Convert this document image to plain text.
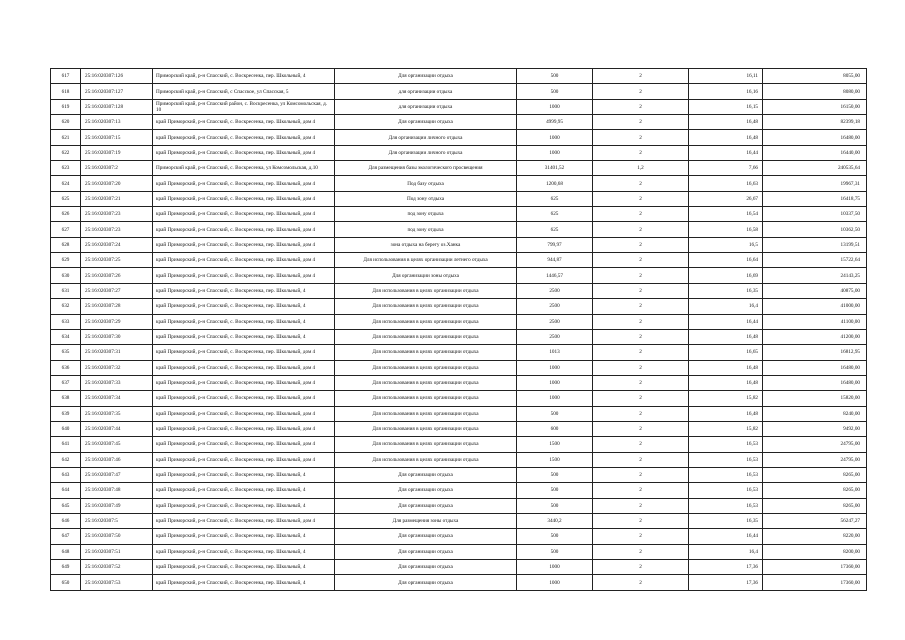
617	25:16:020307:126	Приморский край, р-н Спасский, с. Воскресенка, пер. Школьный, 4	Для организации отдыха	500	2	16,11	8055,00
618	25:16:020307:127	Приморский край, р-н Спасский, с Спасское, ул Спасская, 5	для организации отдыха	500	2	16,16	8080,00
619	25:16:020307:128	Приморский край, р-н Спасский район, с. Воскресенка, ул Комсомольская, д. 10	для организации отдыха	1000	2	16,15	16150,00
620	25:16:020307:13	край Приморский, р-н Спасский, с. Воскресенка, пер. Школьный, дом 4	Для организации отдыха	4999,95	2	16,48	82399,18
621	25:16:020307:15	край Приморский, р-н Спасский, с. Воскресенка, пер. Школьный, дом 4	Для организации личного отдыха	1000	2	16,48	16480,00
622	25:16:020307:19	край Приморский, р-н Спасский, с. Воскресенка, пер. Школьный, дом 4	Для организации личного отдыха	1000	2	16,44	16440,00
623	25:16:020307:2	Приморский край, р-н Спасский, с. Воскресенка, ул Комсомольская, д.10	Для размещения базы экологического просвещения	31401,52	1,2	7,66	240535,64
624	25:16:020307:20	край Приморский, р-н Спасский, с. Воскресенка, пер. Школьный, дом 4	Под базу отдыха	1200,68	2	16,63	19967,31
625	25:16:020307:21	край Приморский, р-н Спасский, с. Воскресенка, пер. Школьный, дом 4	Под зону отдыха	625	2	26,67	16418,75
626	25:16:020307:23	край Приморский, р-н Спасский, с. Воскресенка, пер. Школьный, дом 4	под зону отдыха	625	2	16,54	10337,50
627	25:16:020307:23	край Приморский, р-н Спасский, с. Воскресенка, пер. Школьный, дом 4	под зону отдыха	625	2	16,58	10362,50
628	25:16:020307:24	край Приморский, р-н Спасский, с. Воскресенка, пер. Школьный, дом 4	зона отдыха на берегу оз.Ханка	799,97	2	16,5	13199,51
629	25:16:020307:25	край Приморский, р-н Спасский, с. Воскресенка, пер. Школьный, дом 4	Для использования в целях организации летнего отдыха	944,87	2	16,64	15722,64
630	25:16:020307:26	край Приморский, р-н Спасский, с. Воскресенка, пер. Школьный, дом 4	Для организации зоны отдыха	1446,57	2	16,69	24143,25
631	25:16:020307:27	край Приморский, р-н Спасский, с. Воскресенка, пер. Школьный, 4	Для использования в целях организации отдыха	2500	2	16,35	40875,00
632	25:16:020307:28	край Приморский, р-н Спасский, с. Воскресенка, пер. Школьный, 4	Для использования в целях организации отдыха	2500	2	16,4	41000,00
633	25:16:020307:29	край Приморский, р-н Спасский, с. Воскресенка, пер. Школьный, 4	Для использования в целях организации отдыха	2500	2	16,44	41100,00
634	25:16:020307:30	край Приморский, р-н Спасский, с. Воскресенка, пер. Школьный, 4	Для использования в целях организации отдыха	2500	2	16,48	41200,00
635	25:16:020307:31	край Приморский, р-н Спасский, с. Воскресенка, пер. Школьный, дом 4	Для использования в целях организации отдыха	1013	2	16,65	16812,95
636	25:16:020307:32	край Приморский, р-н Спасский, с. Воскресенка, пер. Школьный, дом 4	Для использования в целях организации отдыха	1000	2	16,48	16480,00
637	25:16:020307:33	край Приморский, р-н Спасский, с. Воскресенка, пер. Школьный, дом 4	Для использования в целях организации отдыха	1000	2	16,48	16480,00
638	25:16:020307:34	край Приморский, р-н Спасский, с. Воскресенка, пер. Школьный, дом 4	Для использования в целях организации отдыха	1000	2	15,82	15820,00
639	25:16:020307:35	край Приморский, р-н Спасский, с. Воскресенка, пер. Школьный, дом 4	Для использования в целях организации отдыха	500	2	16,48	8240,00
640	25:16:020307:44	край Приморский, р-н Спасский, с. Воскресенка, пер. Школьный, дом 4	Для использования в целях организации отдыха	600	2	15,82	9492,00
641	25:16:020307:45	край Приморский, р-н Спасский, с. Воскресенка, пер. Школьный, дом 4	Для использования в целях организации отдыха	1500	2	16,53	24795,00
642	25:16:020307:46	край Приморский, р-н Спасский, с. Воскресенка, пер. Школьный, дом 4	Для использования в целях организации отдыха	1500	2	16,53	24795,00
643	25:16:020307:47	край Приморский, р-н Спасский, с. Воскресенка, пер. Школьный, 4	Для организации отдыха	500	2	16,53	8265,00
644	25:16:020307:48	край Приморский, р-н Спасский, с. Воскресенка, пер. Школьный, 4	Для организации отдыха	500	2	16,53	8265,00
645	25:16:020307:49	край Приморский, р-н Спасский, с. Воскресенка, пер. Школьный, 4	Для организации отдыха	500	2	16,53	8265,00
646	25:16:020307:5	край Приморский, р-н Спасский, с. Воскресенка, пер. Школьный, дом 4	Для размещения зоны отдыха	3440,2	2	16,35	56247,27
647	25:16:020307:50	край Приморский, р-н Спасский, с. Воскресенка, пер. Школьный, 4	Для организации отдыха	500	2	16,44	8220,00
648	25:16:020307:51	край Приморский, р-н Спасский, с. Воскресенка, пер. Школьный, 4	Для организации отдыха	500	2	16,4	8200,00
649	25:16:020307:52	край Приморский, р-н Спасский, с. Воскресенка, пер. Школьный, 4	Для организации отдыха	1000	2	17,36	17360,00
650	25:16:020307:53	край Приморский, р-н Спасский, с. Воскресенка, пер. Школьный, 4	Для организации отдыха	1000	2	17,36	17360,00
